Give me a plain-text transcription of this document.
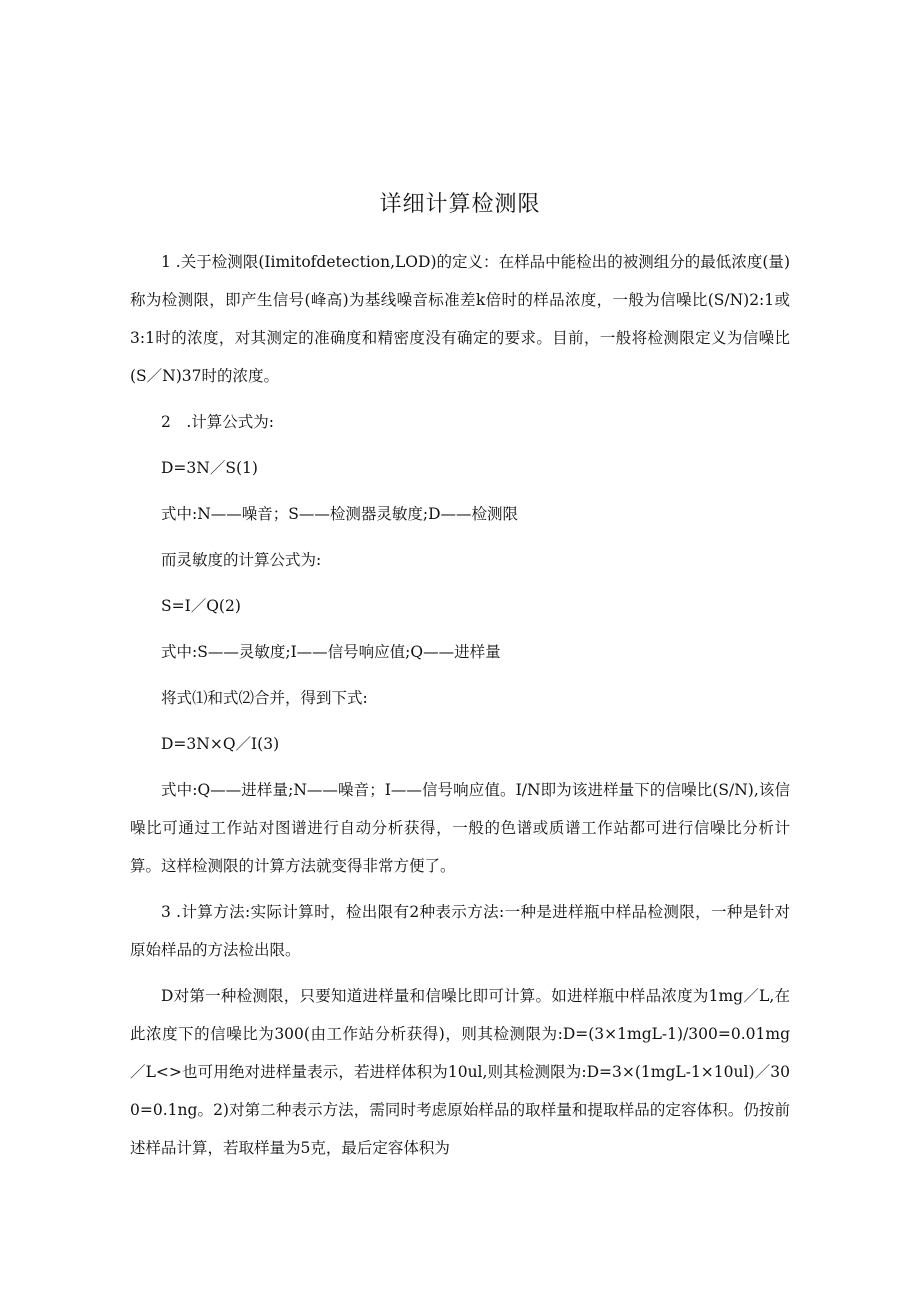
详细计算检测限

1 .关于检测限(Iimitofdetection,LOD)的定义：在样品中能检出的被测组分的最低浓度(量)称为检测限，即产生信号(峰高)为基线噪音标准差k倍时的样品浓度，一般为信噪比(S/N)2:1或3:1时的浓度，对其测定的准确度和精密度没有确定的要求。目前，一般将检测限定义为信噪比(S／N)37时的浓度。

2　.计算公式为:

D=3N／S(1)

式中:N——噪音；S——检测器灵敏度;D——检测限

而灵敏度的计算公式为:

S=I／Q(2)

式中:S——灵敏度;I——信号响应值;Q——进样量

将式⑴和式⑵合并，得到下式:

D=3N×Q／I(3)

式中:Q——进样量;N——噪音；I——信号响应值。I/N即为该进样量下的信噪比(S/N),该信噪比可通过工作站对图谱进行自动分析获得，一般的色谱或质谱工作站都可进行信噪比分析计算。这样检测限的计算方法就变得非常方便了。

3 .计算方法:实际计算时，检出限有2种表示方法:一种是进样瓶中样品检测限，一种是针对原始样品的方法检出限。

D对第一种检测限，只要知道进样量和信噪比即可计算。如进样瓶中样品浓度为1mg／L,在此浓度下的信噪比为300(由工作站分析获得)，则其检测限为:D=(3×1mgL-1)/300=0.01mg／L<>也可用绝对进样量表示，若进样体积为10ul,则其检测限为:D=3×(1mgL-1×10ul)／300=0.1ng。2)对第二种表示方法，需同时考虑原始样品的取样量和提取样品的定容体积。仍按前述样品计算，若取样量为5克，最后定容体积为
